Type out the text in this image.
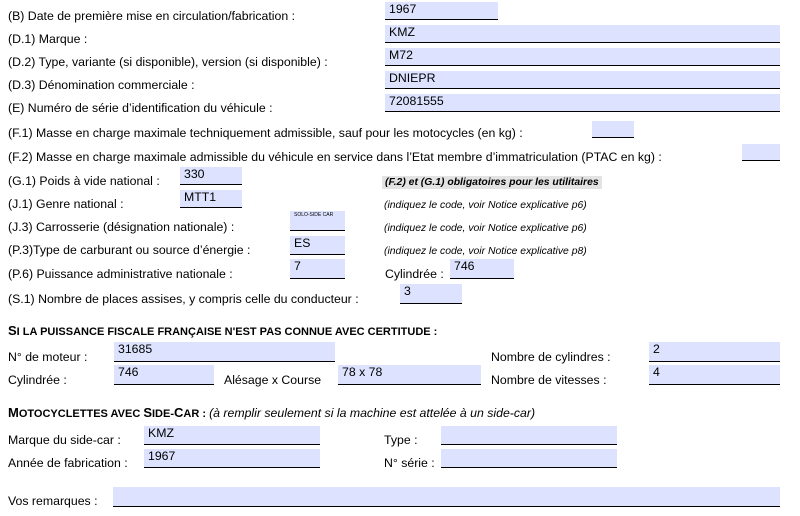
(B) Date de première mise en circulation/fabrication :	1967
(D.1) Marque :	KMZ
(D.2) Type, variante (si disponible), version (si disponible) :	M72
(D.3) Dénomination commerciale :	DNIEPR
(E) Numéro de série d’identification du véhicule :	72081555
(F.1) Masse en charge maximale techniquement admissible, sauf pour les motocycles (en kg) :
(F.2) Masse en charge maximale admissible du véhicule en service dans l’Etat membre d’immatriculation (PTAC en kg) :
(G.1) Poids à vide national :	330
(F.2) et (G.1) obligatoires pour les utilitaires
(J.1) Genre national :	MTT1
(indiquez le code, voir Notice explicative p6)
(J.3) Carrosserie (désignation nationale) :
SOLO-SIDE CAR
(indiquez le code, voir Notice explicative p6)
(P.3)Type de carburant ou source d’énergie :	ES
(indiquez le code, voir Notice explicative p8)
(P.6) Puissance administrative nationale :
7
Cylindrée :
746
(S.1) Nombre de places assises, y compris celle du conducteur :
3
SI LA PUISSANCE FISCALE FRANÇAISE N'EST PAS CONNUE AVEC CERTITUDE :
N° de moteur :
31685
Nombre de cylindres :
2
Cylindrée :
746
Alésage x Course
78 x 78
Nombre de vitesses :
4
MOTOCYCLETTES AVEC SIDE-CAR : (à remplir seulement si la machine est attelée à un side-car)
Marque du side-car :	KMZ	Type :
Année de fabrication :	1967	N° série :
Vos remarques :
